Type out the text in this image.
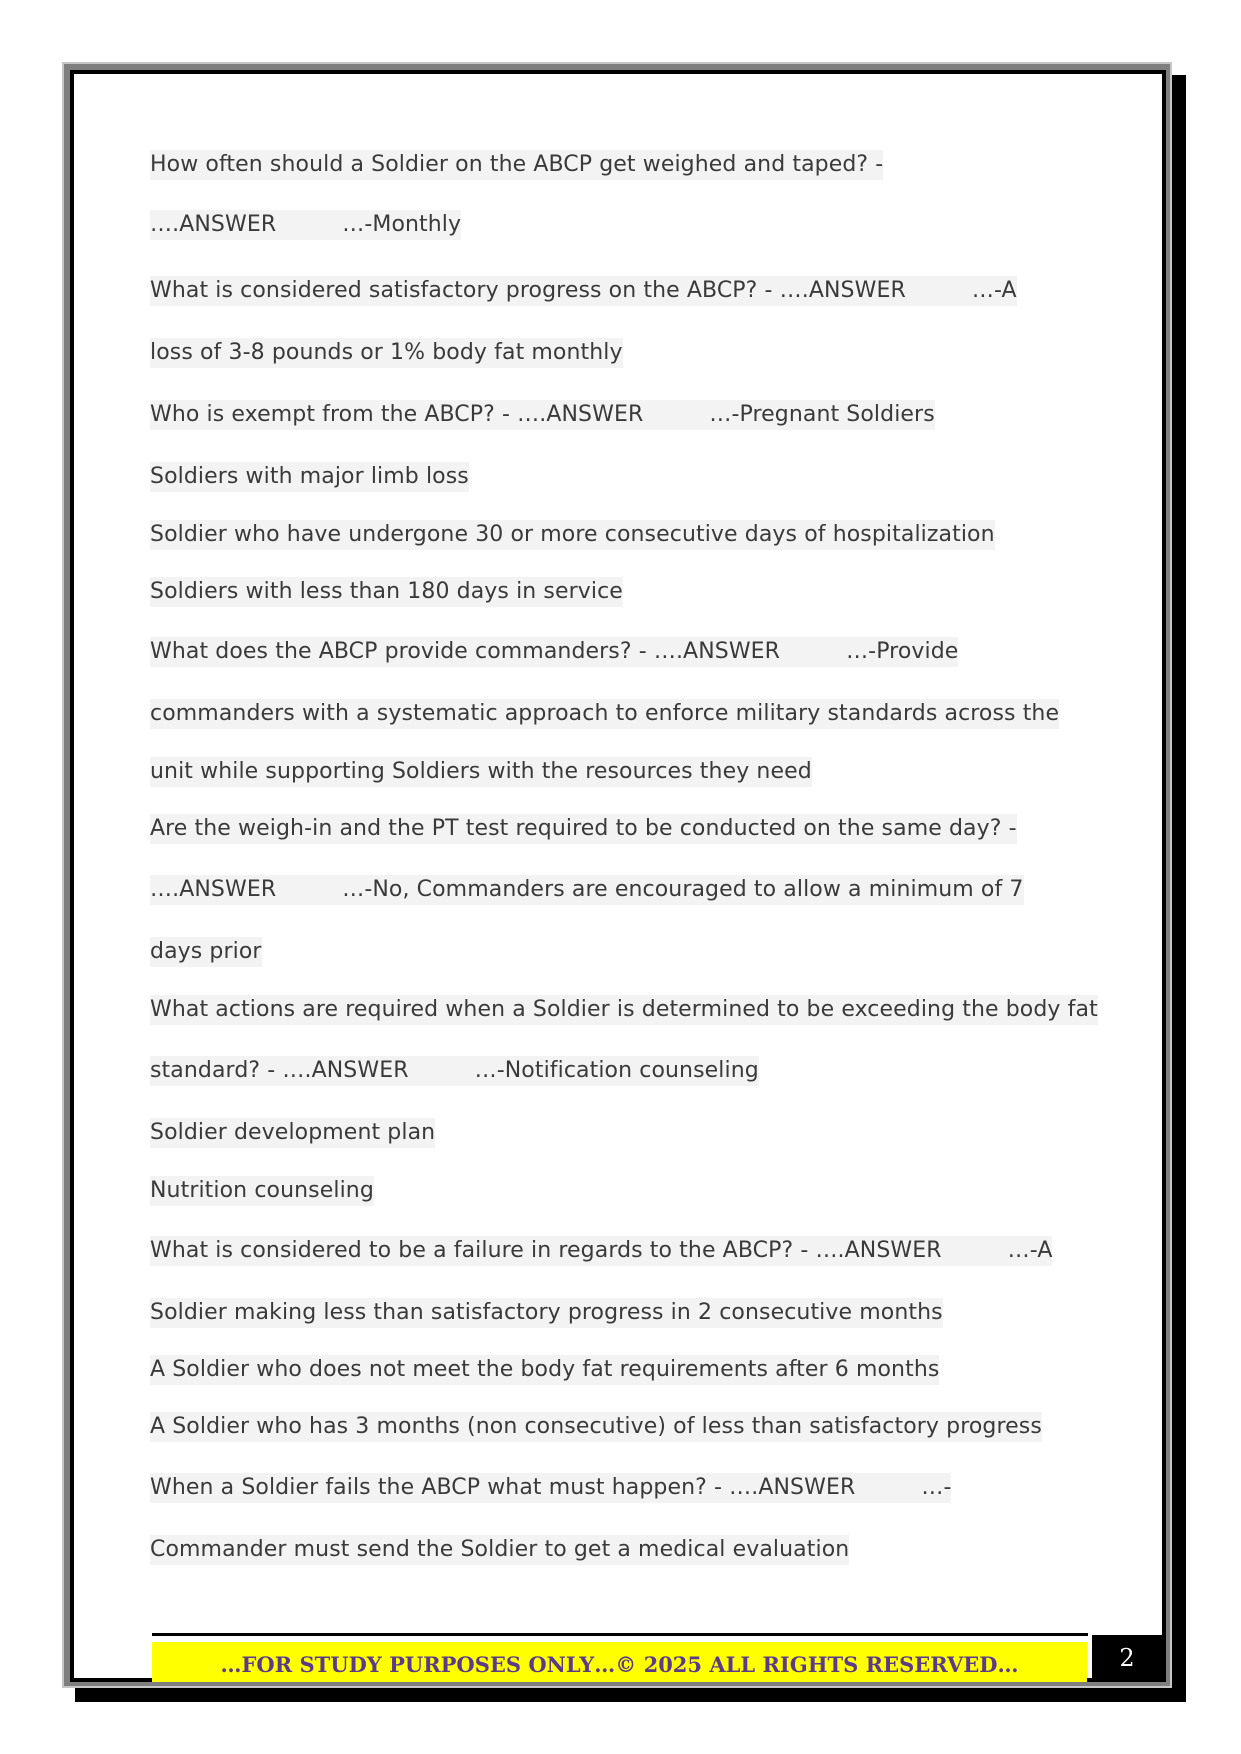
How often should a Soldier on the ABCP get weighed and taped? -
….ANSWER	…-Monthly
What is considered satisfactory progress on the ABCP? - ….ANSWER	…-A
loss of 3-8 pounds or 1% body fat monthly
Who is exempt from the ABCP? - ….ANSWER	…-Pregnant Soldiers
Soldiers with major limb loss
Soldier who have undergone 30 or more consecutive days of hospitalization
Soldiers with less than 180 days in service
What does the ABCP provide commanders? - ….ANSWER	…-Provide
commanders with a systematic approach to enforce military standards across the
unit while supporting Soldiers with the resources they need
Are the weigh-in and the PT test required to be conducted on the same day? -
….ANSWER	…-No, Commanders are encouraged to allow a minimum of 7
days prior
What actions are required when a Soldier is determined to be exceeding the body fat
standard? - ….ANSWER	…-Notification counseling
Soldier development plan
Nutrition counseling
What is considered to be a failure in regards to the ABCP? - ….ANSWER	…-A
Soldier making less than satisfactory progress in 2 consecutive months
A Soldier who does not meet the body fat requirements after 6 months
A Soldier who has 3 months (non consecutive) of less than satisfactory progress
When a Soldier fails the ABCP what must happen? - ….ANSWER	…-
Commander must send the Soldier to get a medical evaluation
…FOR STUDY PURPOSES ONLY…© 2025 ALL RIGHTS RESERVED…	2
